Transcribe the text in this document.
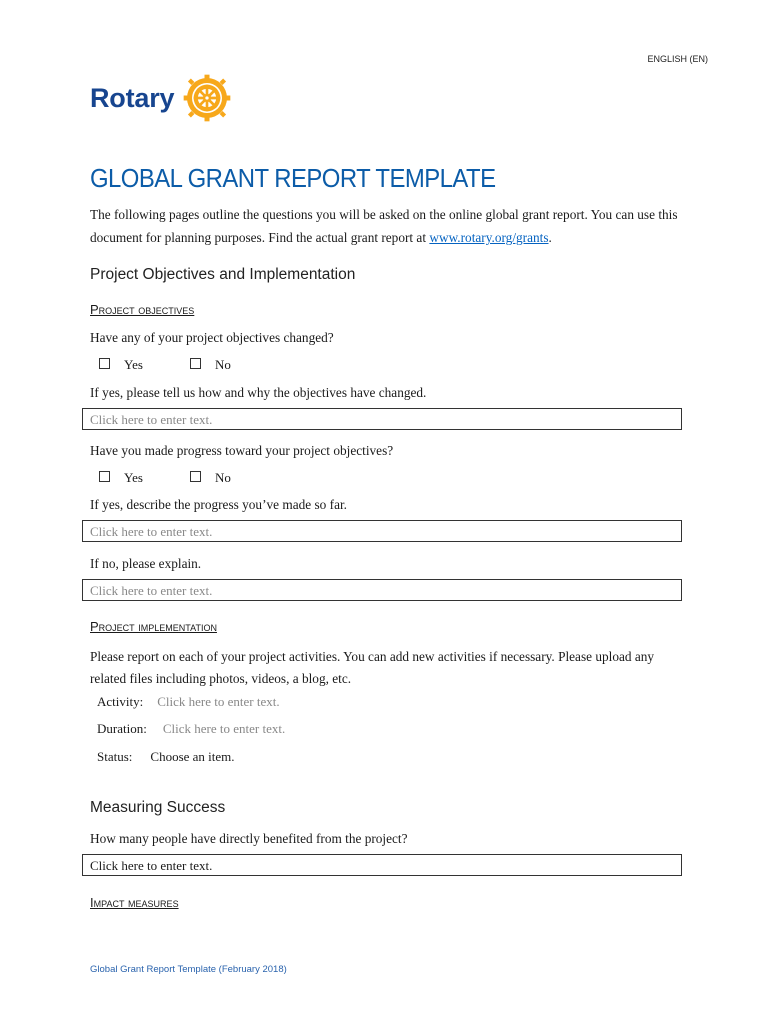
ENGLISH (EN)
Rotary
GLOBAL GRANT REPORT TEMPLATE
The following pages outline the questions you will be asked on the online global grant report. You can use this document for planning purposes. Find the actual grant report at www.rotary.org/grants.
Project Objectives and Implementation
Project objectives
Have any of your project objectives changed?
Yes	No
If yes, please tell us how and why the objectives have changed.
Click here to enter text.
Have you made progress toward your project objectives?
Yes	No
If yes, describe the progress you’ve made so far.
Click here to enter text.
If no, please explain.
Click here to enter text.
Project implementation
Please report on each of your project activities. You can add new activities if necessary. Please upload any related files including photos, videos, a blog, etc.
Activity: Click here to enter text.
Duration: Click here to enter text.
Status: Choose an item.
Measuring Success
How many people have directly benefited from the project?
Click here to enter text.
Impact measures
Global Grant Report Template (February 2018)
